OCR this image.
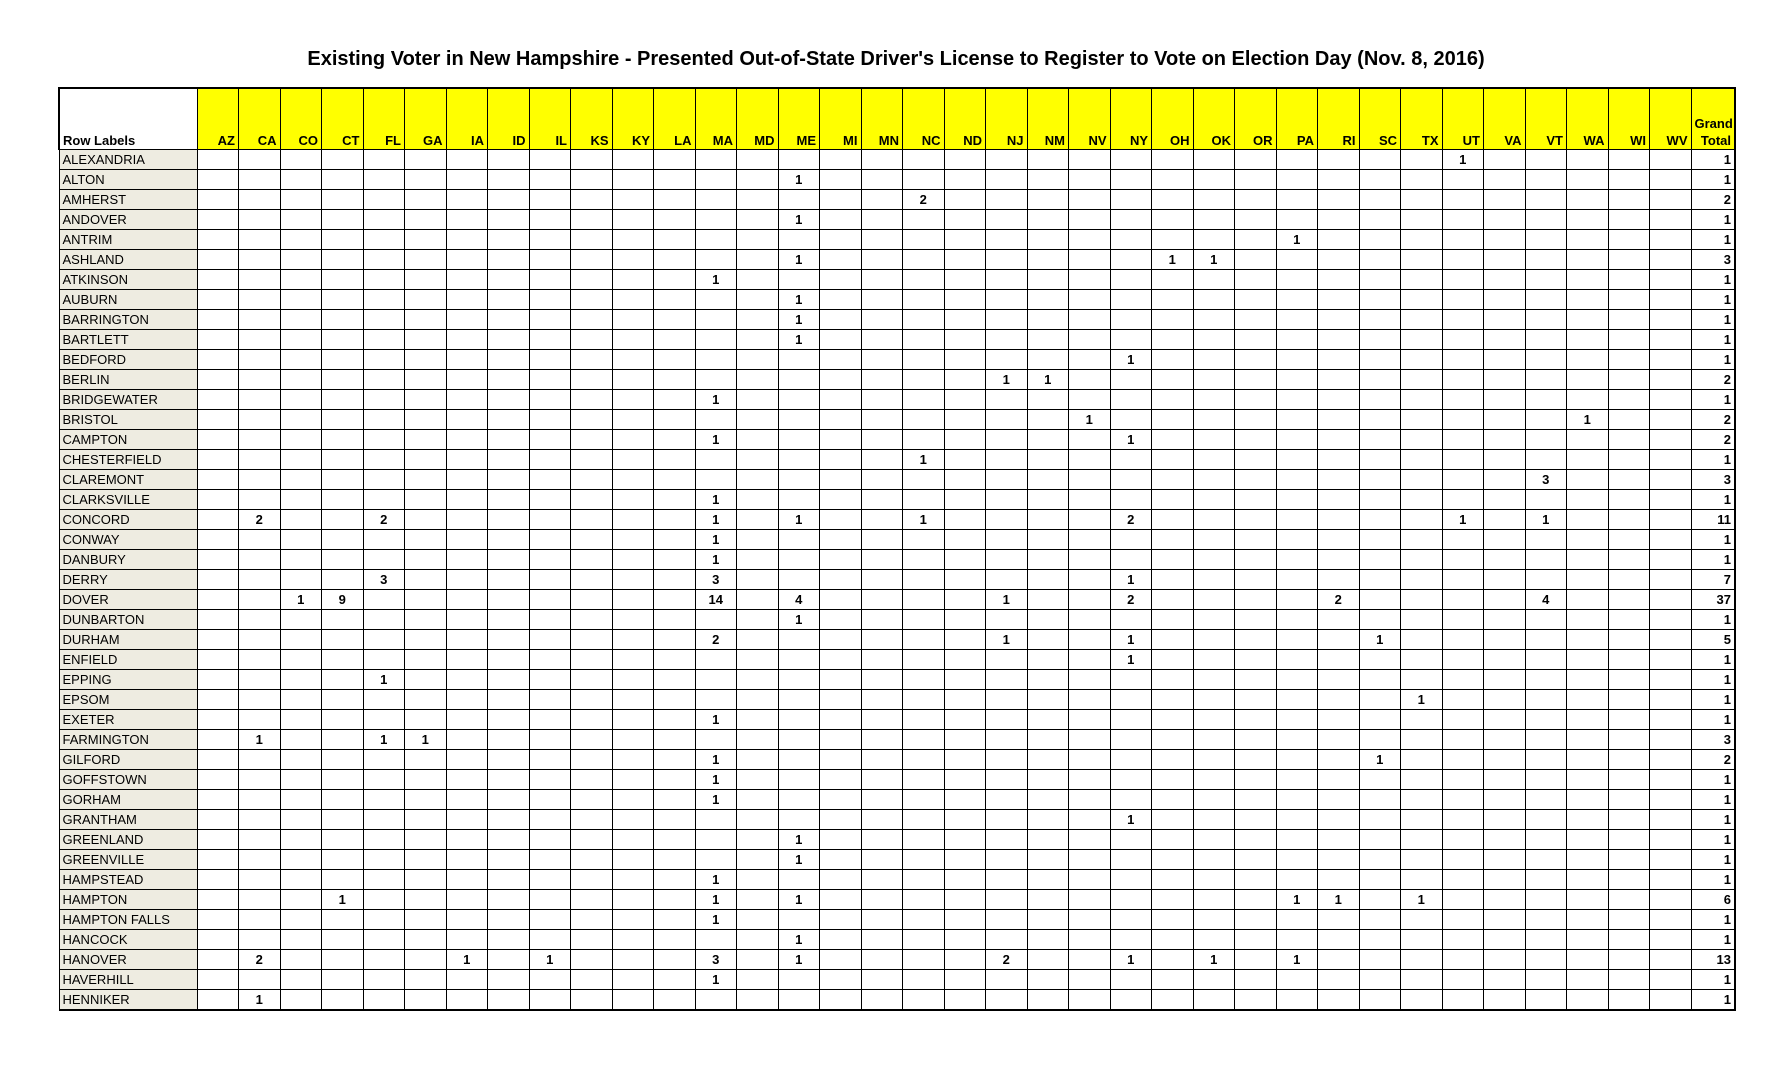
Existing Voter in New Hampshire - Presented Out-of-State Driver's License to Register to Vote on Election Day (Nov. 8, 2016)
Row Labels	AZ	CA	CO	CT	FL	GA	IA	ID	IL	KS	KY	LA	MA	MD	ME	MI	MN	NC	ND	NJ	NM	NV	NY	OH	OK	OR	PA	RI	SC	TX	UT	VA	VT	WA	WI	WV	Grand Total
ALEXANDRIA																															1						1
ALTON															1																						1
AMHERST																		2																			2
ANDOVER															1																						1
ANTRIM																											1										1
ASHLAND															1									1	1												3
ATKINSON													1																								1
AUBURN															1																						1
BARRINGTON															1																						1
BARTLETT															1																						1
BEDFORD																							1														1
BERLIN																				1	1																2
BRIDGEWATER													1																								1
BRISTOL																						1												1			2
CAMPTON													1										1														2
CHESTERFIELD																		1																			1
CLAREMONT																																	3				3
CLARKSVILLE													1																								1
CONCORD		2			2								1		1			1					2								1		1				11
CONWAY													1																								1
DANBURY													1																								1
DERRY					3								3										1														7
DOVER			1	9									14		4					1			2					2					4				37
DUNBARTON															1																						1
DURHAM													2							1			1						1								5
ENFIELD																							1														1
EPPING					1																																1
EPSOM																														1							1
EXETER													1																								1
FARMINGTON		1			1	1																															3
GILFORD													1																1								2
GOFFSTOWN													1																								1
GORHAM													1																								1
GRANTHAM																							1														1
GREENLAND															1																						1
GREENVILLE															1																						1
HAMPSTEAD													1																								1
HAMPTON				1									1		1												1	1		1							6
HAMPTON FALLS													1																								1
HANCOCK															1																						1
HANOVER		2					1		1				3		1					2			1		1		1										13
HAVERHILL													1																								1
HENNIKER		1																																			1
